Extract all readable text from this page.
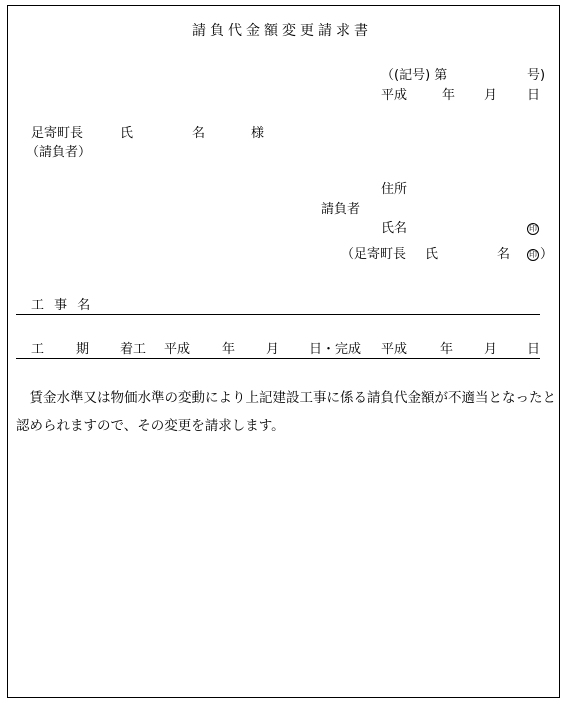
請負代金額変更請求書
（(記号) 第	号)
平成	年 月 日
足寄町長	氏	名	様
（請負者）
住所
請負者
氏名	印
（足寄町長 氏	名 印 ）
工 事 名
工 期 着工 平成 年 月 日・完成 平成	年 月 日
　賃金水準又は物価水準の変動により上記建設工事に係る請負代金額が不適当となったと認められますので、その変更を請求します。
